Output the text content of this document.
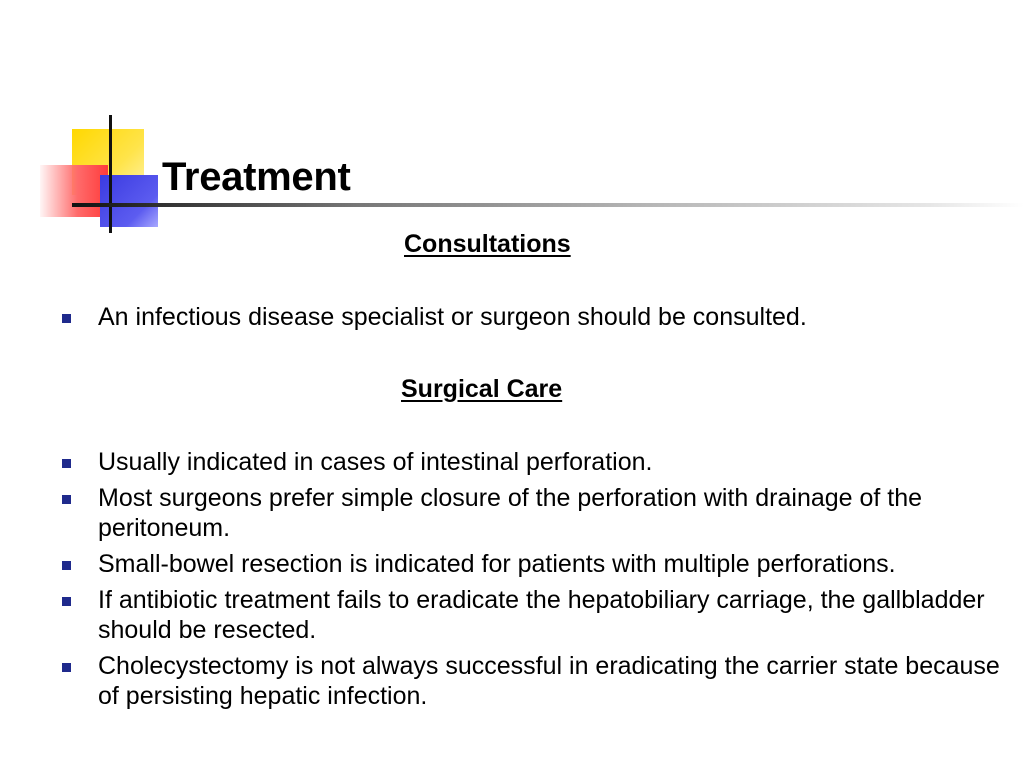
Treatment
Consultations
An infectious disease specialist or surgeon should be consulted.
Surgical Care
Usually indicated in cases of intestinal perforation.
Most surgeons prefer simple closure of the perforation with drainage of the peritoneum.
Small-bowel resection is indicated for patients with multiple perforations.
If antibiotic treatment fails to eradicate the hepatobiliary carriage, the gallbladder should be resected.
Cholecystectomy is not always successful in eradicating the carrier state because of persisting hepatic infection.
